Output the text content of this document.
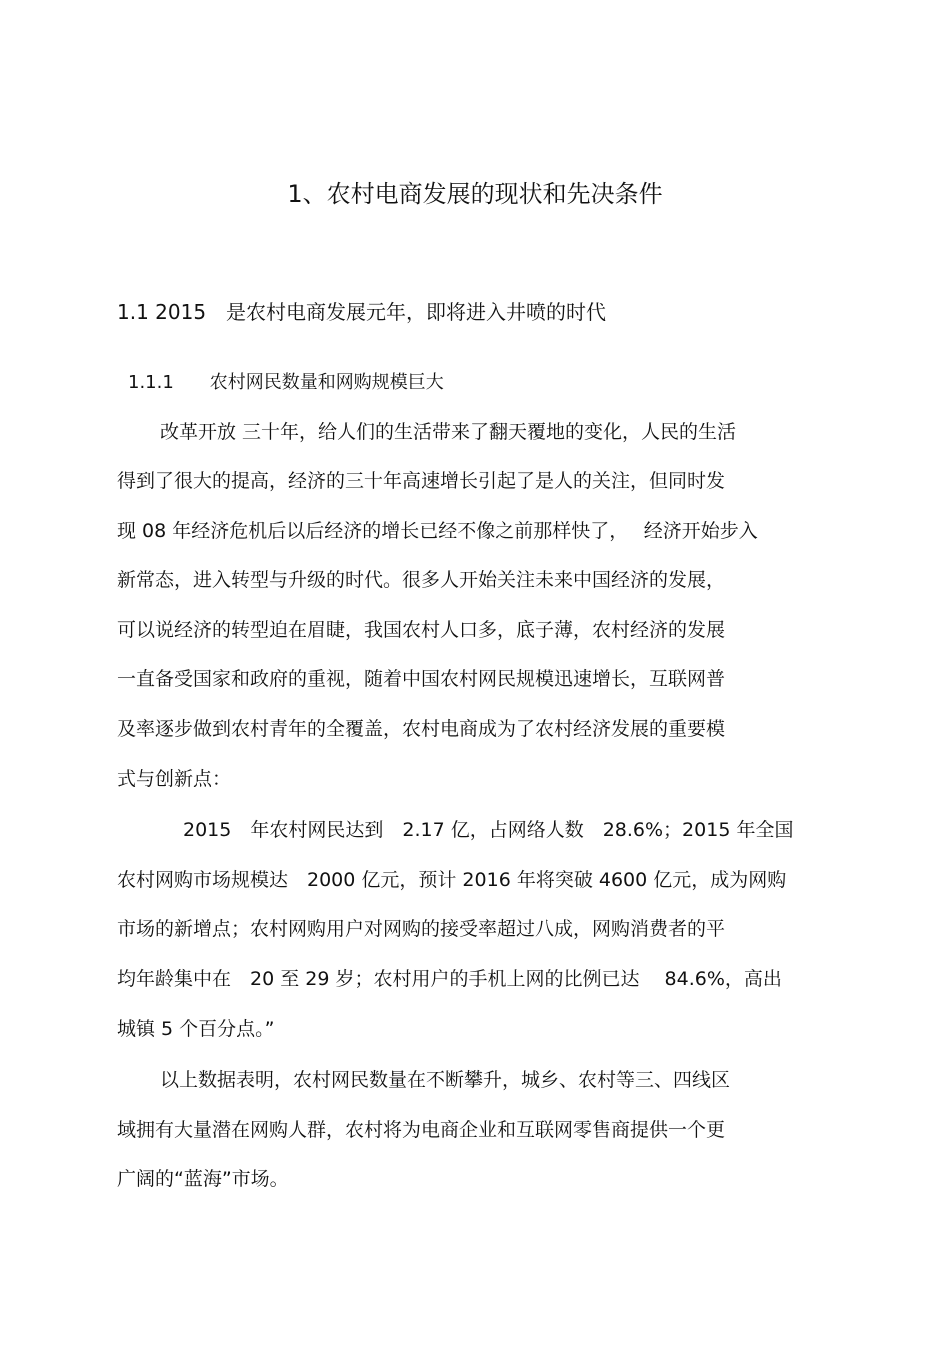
1、农村电商发展的现状和先决条件
1.1 2015　是农村电商发展元年，即将进入井喷的时代
1.1.1　　农村网民数量和网购规模巨大
改革开放 三十年，给人们的生活带来了翻天覆地的变化，人民的生活
得到了很大的提高，经济的三十年高速增长引起了是人的关注，但同时发
现 08 年经济危机后以后经济的增长已经不像之前那样快了，　 经济开始步入
新常态，进入转型与升级的时代。很多人开始关注未来中国经济的发展，
可以说经济的转型迫在眉睫，我国农村人口多，底子薄，农村经济的发展
一直备受国家和政府的重视，随着中国农村网民规模迅速增长，互联网普
及率逐步做到农村青年的全覆盖，农村电商成为了农村经济发展的重要模
式与创新点：
2015　年农村网民达到　2.17 亿，占网络人数　28.6%；2015 年全国
农村网购市场规模达　2000 亿元，预计 2016 年将突破 4600 亿元，成为网购
市场的新增点；农村网购用户对网购的接受率超过八成，网购消费者的平
均年龄集中在　20 至 29 岁；农村用户的手机上网的比例已达　 84.6%，高出
城镇 5 个百分点。”
以上数据表明，农村网民数量在不断攀升，城乡、农村等三、四线区
域拥有大量潜在网购人群，农村将为电商企业和互联网零售商提供一个更
广阔的“蓝海”市场。
